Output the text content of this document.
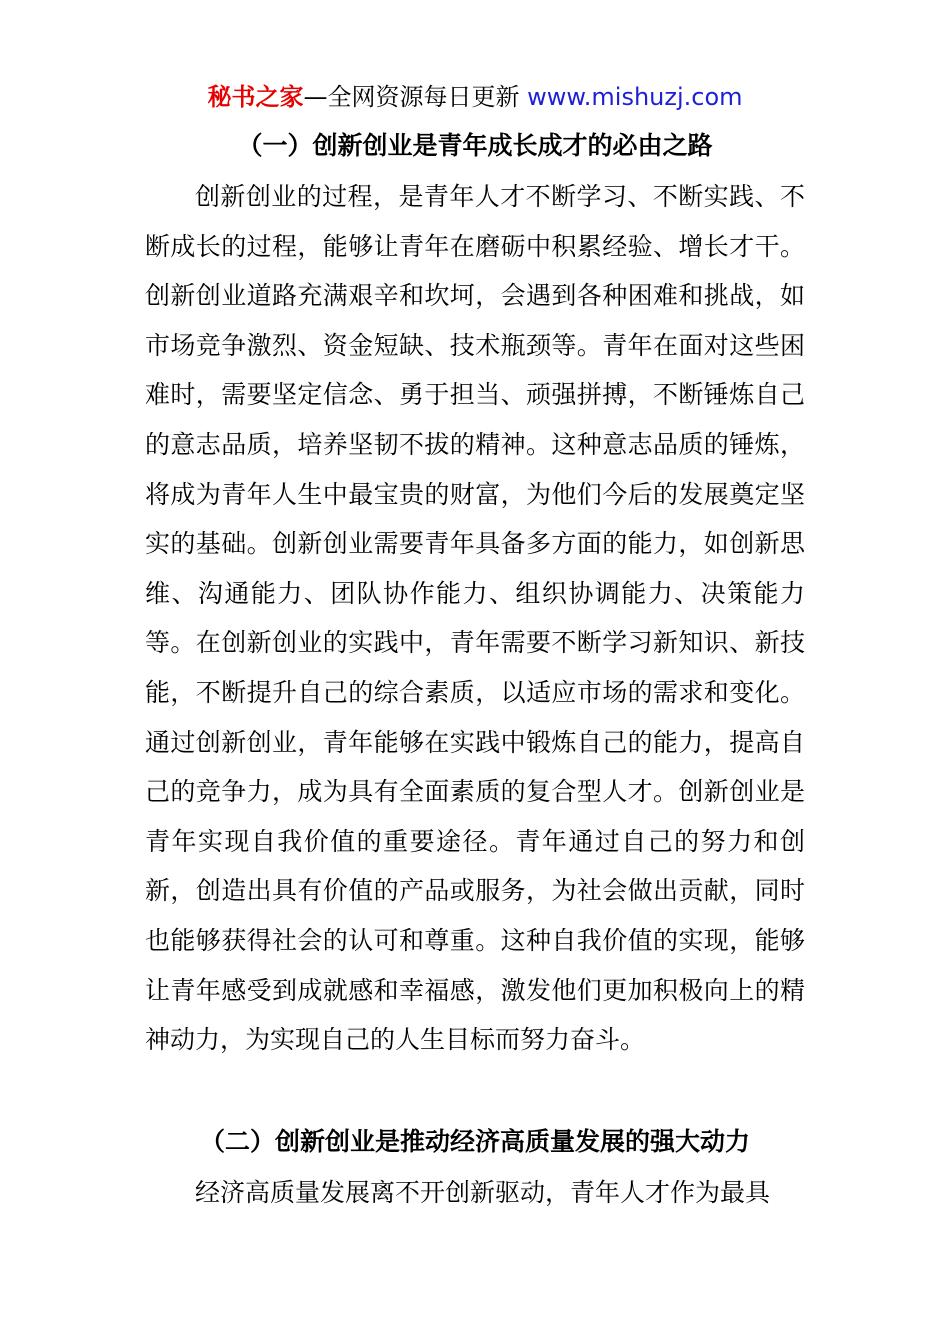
秘书之家—全网资源每日更新 www.mishuzj.com
（一）创新创业是青年成长成才的必由之路

创新创业的过程，是青年人才不断学习、不断实践、不断成长的过程，能够让青年在磨砺中积累经验、增长才干。创新创业道路充满艰辛和坎坷，会遇到各种困难和挑战，如市场竞争激烈、资金短缺、技术瓶颈等。青年在面对这些困难时，需要坚定信念、勇于担当、顽强拼搏，不断锤炼自己的意志品质，培养坚韧不拔的精神。这种意志品质的锤炼，将成为青年人生中最宝贵的财富，为他们今后的发展奠定坚实的基础。创新创业需要青年具备多方面的能力，如创新思维、沟通能力、团队协作能力、组织协调能力、决策能力等。在创新创业的实践中，青年需要不断学习新知识、新技能，不断提升自己的综合素质，以适应市场的需求和变化。通过创新创业，青年能够在实践中锻炼自己的能力，提高自己的竞争力，成为具有全面素质的复合型人才。创新创业是青年实现自我价值的重要途径。青年通过自己的努力和创新，创造出具有价值的产品或服务，为社会做出贡献，同时也能够获得社会的认可和尊重。这种自我价值的实现，能够让青年感受到成就感和幸福感，激发他们更加积极向上的精神动力，为实现自己的人生目标而努力奋斗。

（二）创新创业是推动经济高质量发展的强大动力

经济高质量发展离不开创新驱动，青年人才作为最具
